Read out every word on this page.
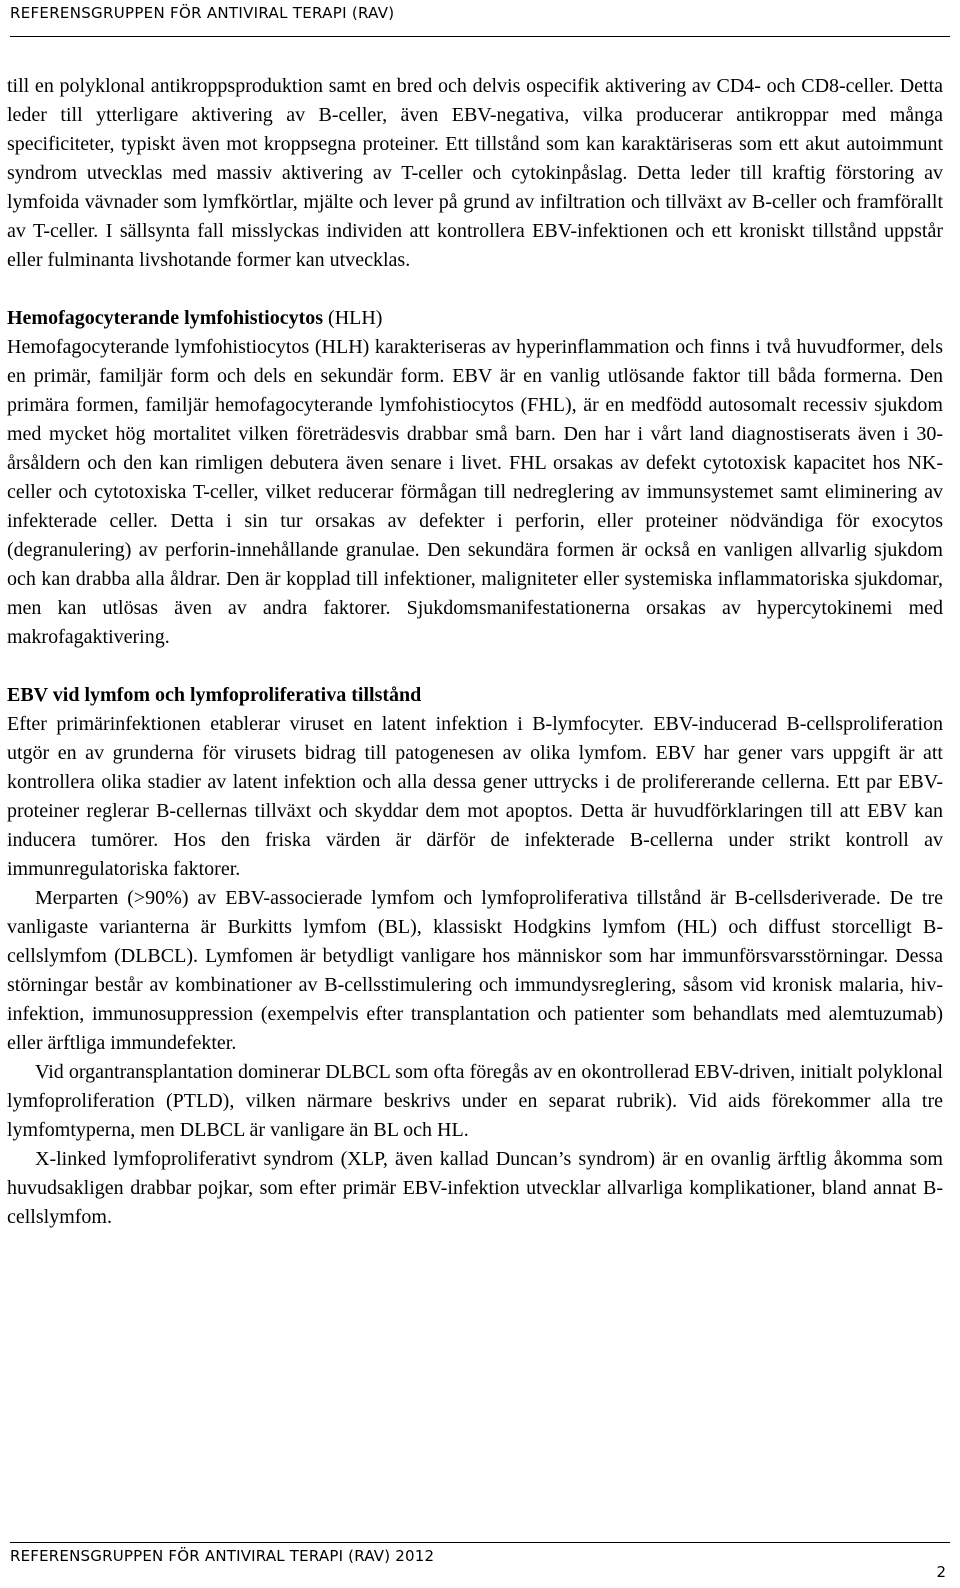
REFERENSGRUPPEN FÖR ANTIVIRAL TERAPI (RAV)

till en polyklonal antikroppsproduktion samt en bred och delvis ospecifik aktivering av CD4- och CD8-celler. Detta leder till ytterligare aktivering av B-celler, även EBV-negativa, vilka producerar antikroppar med många specificiteter, typiskt även mot kroppsegna proteiner. Ett tillstånd som kan karaktäriseras som ett akut autoimmunt syndrom utvecklas med massiv aktivering av T-celler och cytokinpåslag. Detta leder till kraftig förstoring av lymfoida vävnader som lymfkörtlar, mjälte och lever på grund av infiltration och tillväxt av B-celler och framförallt av T-celler. I sällsynta fall misslyckas individen att kontrollera EBV-infektionen och ett kroniskt tillstånd uppstår eller fulminanta livshotande former kan utvecklas.

Hemofagocyterande lymfohistiocytos (HLH)

Hemofagocyterande lymfohistiocytos (HLH) karakteriseras av hyperinflammation och finns i två huvudformer, dels en primär, familjär form och dels en sekundär form. EBV är en vanlig utlösande faktor till båda formerna. Den primära formen, familjär hemofagocyterande lymfohistiocytos (FHL), är en medfödd autosomalt recessiv sjukdom med mycket hög mortalitet vilken företrädesvis drabbar små barn. Den har i vårt land diagnostiserats även i 30-årsåldern och den kan rimligen debutera även senare i livet. FHL orsakas av defekt cytotoxisk kapacitet hos NK-celler och cytotoxiska T-celler, vilket reducerar förmågan till nedreglering av immunsystemet samt eliminering av infekterade celler. Detta i sin tur orsakas av defekter i perforin, eller proteiner nödvändiga för exocytos (degranulering) av perforin-innehållande granulae. Den sekundära formen är också en vanligen allvarlig sjukdom och kan drabba alla åldrar. Den är kopplad till infektioner, maligniteter eller systemiska inflammatoriska sjukdomar, men kan utlösas även av andra faktorer. Sjukdomsmanifestationerna orsakas av hypercytokinemi med makrofagaktivering.

EBV vid lymfom och lymfoproliferativa tillstånd

Efter primärinfektionen etablerar viruset en latent infektion i B-lymfocyter. EBV-inducerad B-cellsproliferation utgör en av grunderna för virusets bidrag till patogenesen av olika lymfom. EBV har gener vars uppgift är att kontrollera olika stadier av latent infektion och alla dessa gener uttrycks i de prolifererande cellerna. Ett par EBV-proteiner reglerar B-cellernas tillväxt och skyddar dem mot apoptos. Detta är huvudförklaringen till att EBV kan inducera tumörer. Hos den friska värden är därför de infekterade B-cellerna under strikt kontroll av immunregulatoriska faktorer.

Merparten (>90%) av EBV-associerade lymfom och lymfoproliferativa tillstånd är B-cellsderiverade. De tre vanligaste varianterna är Burkitts lymfom (BL), klassiskt Hodgkins lymfom (HL) och diffust storcelligt B-cellslymfom (DLBCL). Lymfomen är betydligt vanligare hos människor som har immunförsvarsstörningar. Dessa störningar består av kombinationer av B-cellsstimulering och immundysreglering, såsom vid kronisk malaria, hiv-infektion, immunosuppression (exempelvis efter transplantation och patienter som behandlats med alemtuzumab) eller ärftliga immundefekter.

Vid organtransplantation dominerar DLBCL som ofta föregås av en okontrollerad EBV-driven, initialt polyklonal lymfoproliferation (PTLD), vilken närmare beskrivs under en separat rubrik). Vid aids förekommer alla tre lymfomtyperna, men DLBCL är vanligare än BL och HL.

X-linked lymfoproliferativt syndrom (XLP, även kallad Duncan’s syndrom) är en ovanlig ärftlig åkomma som huvudsakligen drabbar pojkar, som efter primär EBV-infektion utvecklar allvarliga komplikationer, bland annat B-cellslymfom.

REFERENSGRUPPEN FÖR ANTIVIRAL TERAPI (RAV) 2012
2
